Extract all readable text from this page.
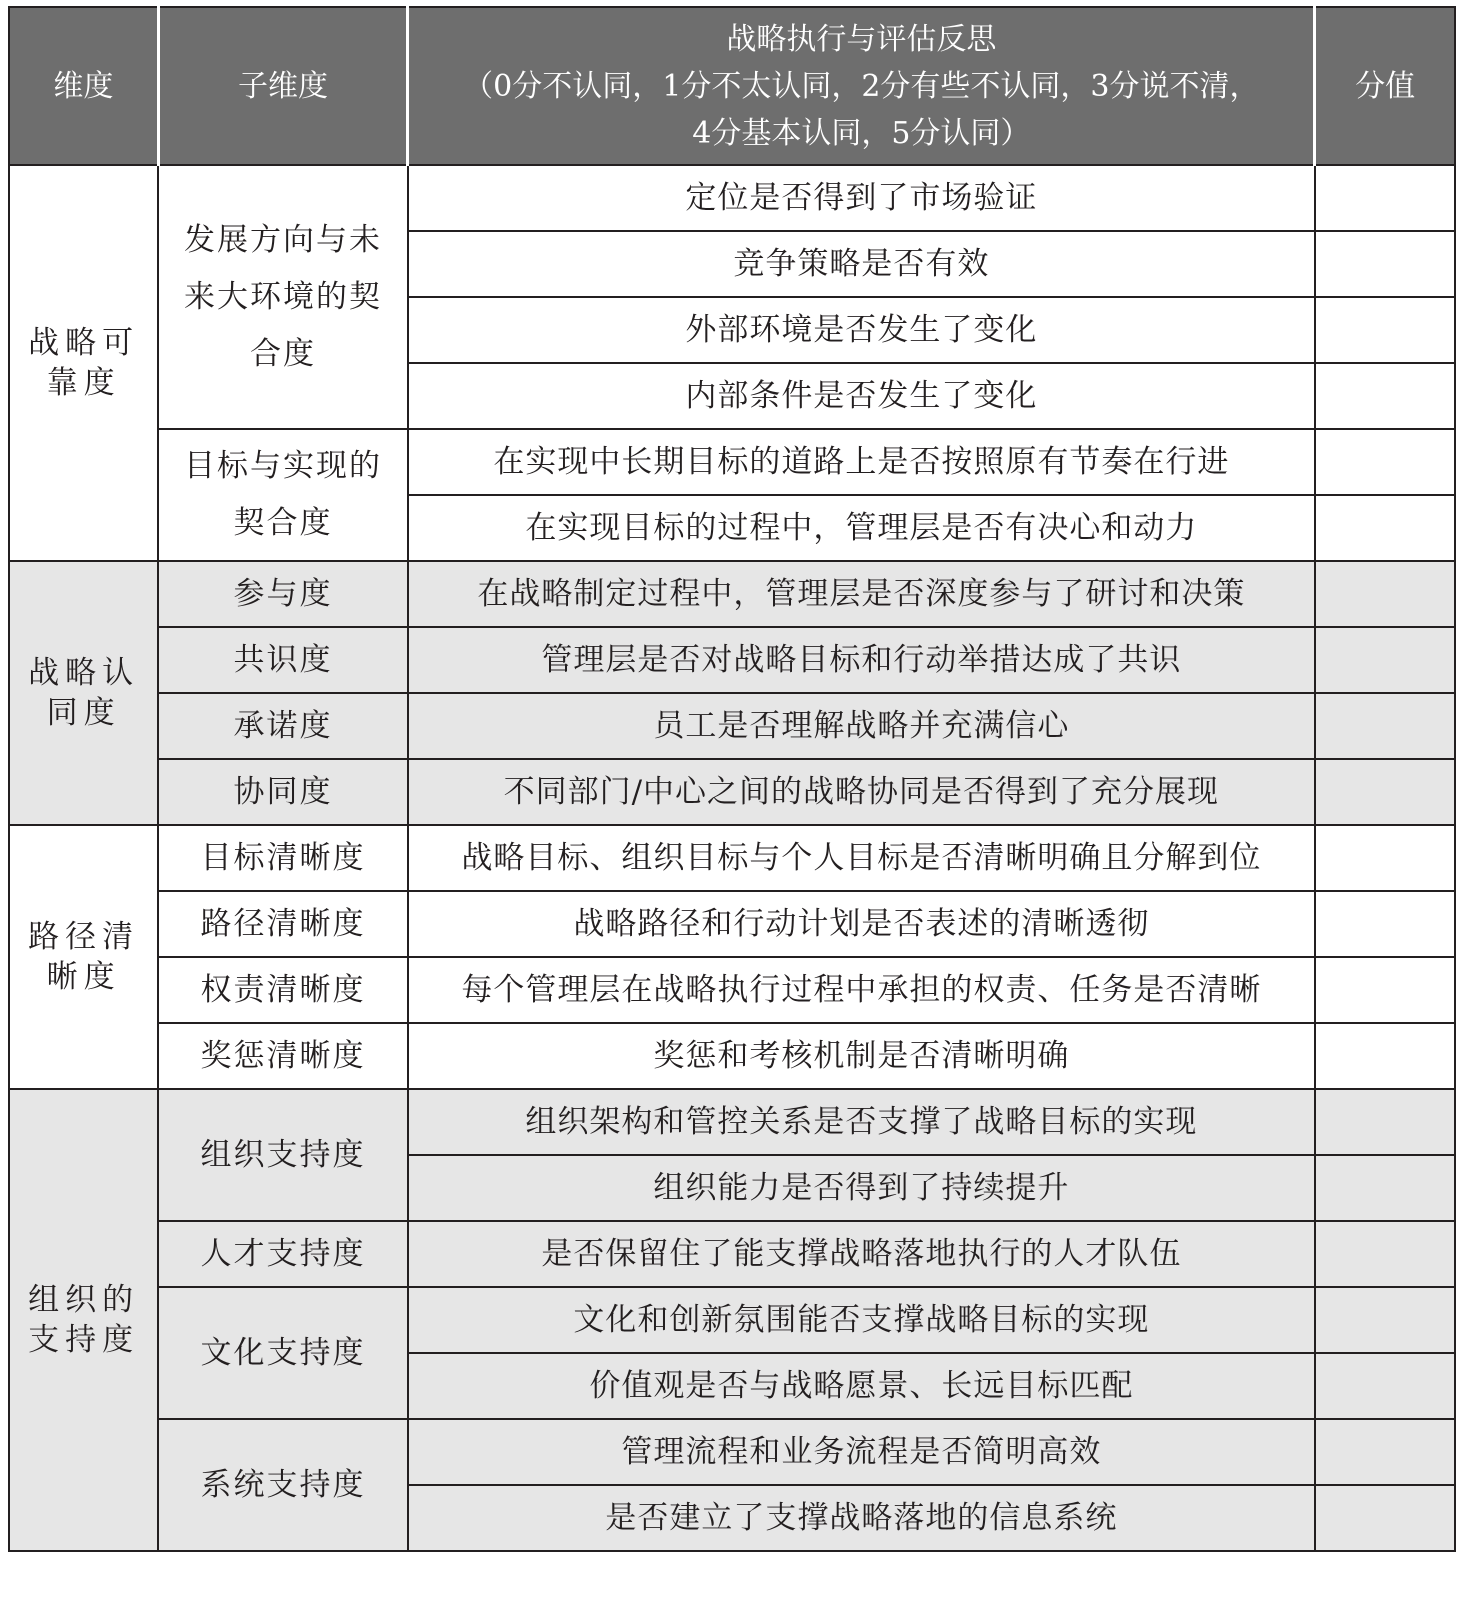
维度	子维度	战略执行与评估反思
（0分不认同，1分不太认同，2分有些不认同，3分说不清，
4分基本认同，5分认同）	分值

战略可
靠度	发展方向与未
来大环境的契
合度	定位是否得到了市场验证	
		竞争策略是否有效	
		外部环境是否发生了变化	
		内部条件是否发生了变化	

	目标与实现的
契合度	在实现中长期目标的道路上是否按照原有节奏在行进	
		在实现目标的过程中，管理层是否有决心和动力	

战略认
同度	参与度	在战略制定过程中，管理层是否深度参与了研讨和决策	

	共识度	管理层是否对战略目标和行动举措达成了共识	

	承诺度	员工是否理解战略并充满信心	

	协同度	不同部门/中心之间的战略协同是否得到了充分展现	

路径清
晰度	目标清晰度	战略目标、组织目标与个人目标是否清晰明确且分解到位	

	路径清晰度	战略路径和行动计划是否表述的清晰透彻	

	权责清晰度	每个管理层在战略执行过程中承担的权责、任务是否清晰	

	奖惩清晰度	奖惩和考核机制是否清晰明确	

组织的
支持度	组织支持度	组织架构和管控关系是否支撑了战略目标的实现	
		组织能力是否得到了持续提升	

	人才支持度	是否保留住了能支撑战略落地执行的人才队伍	

	文化支持度	文化和创新氛围能否支撑战略目标的实现	
		价值观是否与战略愿景、长远目标匹配	

	系统支持度	管理流程和业务流程是否简明高效	
		是否建立了支撑战略落地的信息系统	
